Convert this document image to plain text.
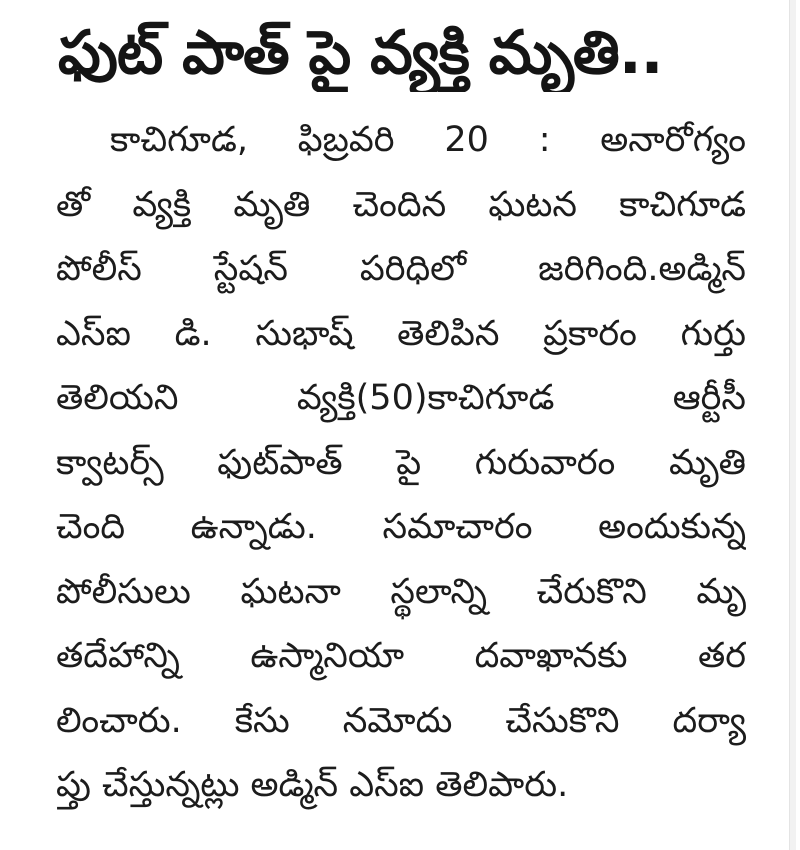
ఫుట్ పాత్ పై వ్యక్తి మృతి..
కాచిగూడ, ఫిబ్రవరి 20 : అనారోగ్యం
తో వ్యక్తి మృతి చెందిన ఘటన కాచిగూడ
పోలీస్ స్టేషన్ పరిధిలో జరిగింది.అడ్మిన్
ఎస్ఐ డి. సుభాష్ తెలిపిన ప్రకారం గుర్తు
తెలియని వ్యక్తి(50)కాచిగూడ ఆర్టీసీ
క్వాటర్స్ ఫుట్‌పాత్ పై గురువారం మృతి
చెంది ఉన్నాడు. సమాచారం అందుకున్న
పోలీసులు ఘటనా స్థలాన్ని చేరుకొని మృ
తదేహాన్ని ఉస్మానియా దవాఖానకు తర
లించారు. కేసు నమోదు చేసుకొని దర్యా
ప్తు చేస్తున్నట్లు అడ్మిన్ ఎస్ఐ తెలిపారు.
